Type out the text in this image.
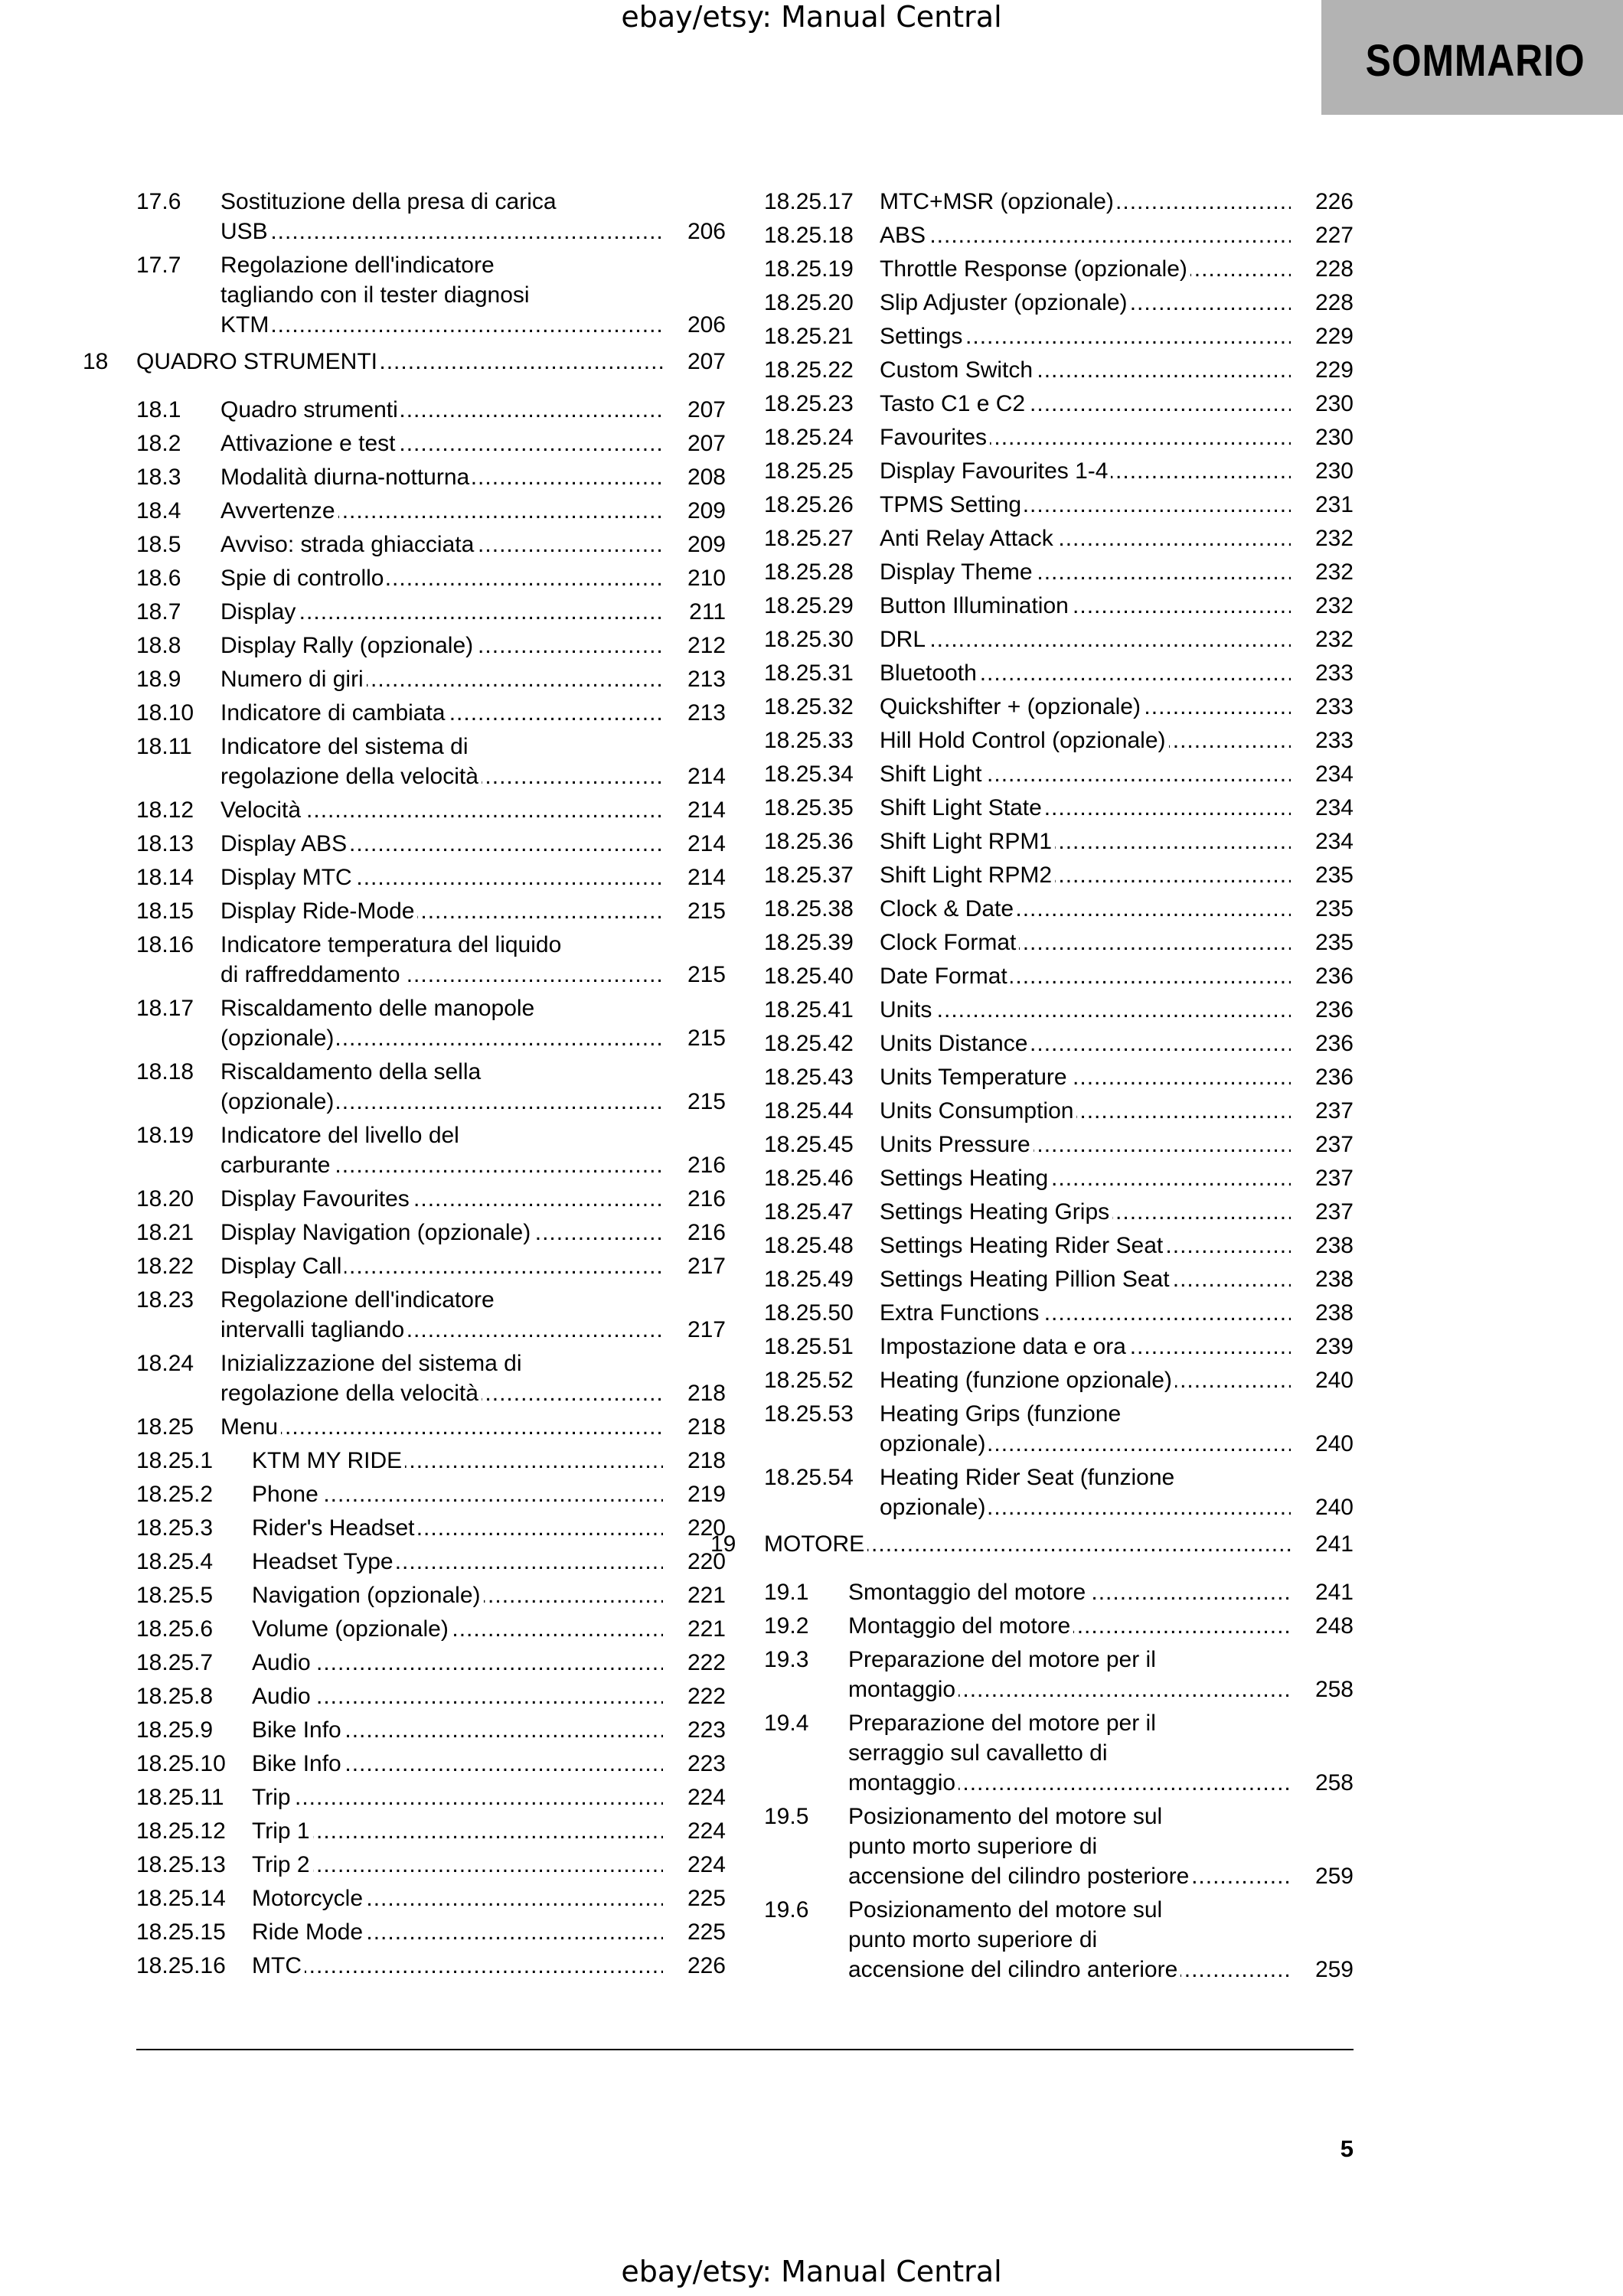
ebay/etsy: Manual Central
SOMMARIO
17.6 Sostituzione della presa di carica
USB .....	206
17.7 Regolazione dell'indicatore
tagliando con il tester diagnosi
KTM .....	206
18 QUADRO STRUMENTI .....	207
18.1 Quadro strumenti .....	207
18.2 Attivazione e test .....	207
18.3 Modalità diurna-notturna .....	208
18.4 Avvertenze .....	209
18.5 Avviso: strada ghiacciata .....	209
18.6 Spie di controllo .....	210
18.7 Display .....	211
18.8 Display Rally (opzionale) .....	212
18.9 Numero di giri .....	213
18.10 Indicatore di cambiata .....	213
18.11 Indicatore del sistema di
regolazione della velocità .....	214
18.12 Velocità .....	214
18.13 Display ABS .....	214
18.14 Display MTC .....	214
18.15 Display Ride-Mode .....	215
18.16 Indicatore temperatura del liquido
di raffreddamento .....	215
18.17 Riscaldamento delle manopole
(opzionale) .....	215
18.18 Riscaldamento della sella
(opzionale) .....	215
18.19 Indicatore del livello del
carburante .....	216
18.20 Display Favourites .....	216
18.21 Display Navigation (opzionale) .....	216
18.22 Display Call .....	217
18.23 Regolazione dell'indicatore
intervalli tagliando .....	217
18.24 Inizializzazione del sistema di
regolazione della velocità .....	218
18.25 Menu .....	218
18.25.1 KTM MY RIDE .....	218
18.25.2 Phone .....	219
18.25.3 Rider's Headset .....	220
18.25.4 Headset Type .....	220
18.25.5 Navigation (opzionale) .....	221
18.25.6 Volume (opzionale) .....	221
18.25.7 Audio .....	222
18.25.8 Audio .....	222
18.25.9 Bike Info .....	223
18.25.10 Bike Info .....	223
18.25.11 Trip .....	224
18.25.12 Trip 1 .....	224
18.25.13 Trip 2 .....	224
18.25.14 Motorcycle .....	225
18.25.15 Ride Mode .....	225
18.25.16 MTC .....	226
18.25.17 MTC+MSR (opzionale) .....	226
18.25.18 ABS .....	227
18.25.19 Throttle Response (opzionale) .....	228
18.25.20 Slip Adjuster (opzionale) .....	228
18.25.21 Settings .....	229
18.25.22 Custom Switch .....	229
18.25.23 Tasto C1 e C2 .....	230
18.25.24 Favourites .....	230
18.25.25 Display Favourites 1-4 .....	230
18.25.26 TPMS Setting .....	231
18.25.27 Anti Relay Attack .....	232
18.25.28 Display Theme .....	232
18.25.29 Button Illumination .....	232
18.25.30 DRL .....	232
18.25.31 Bluetooth .....	233
18.25.32 Quickshifter + (opzionale) .....	233
18.25.33 Hill Hold Control (opzionale) .....	233
18.25.34 Shift Light .....	234
18.25.35 Shift Light State .....	234
18.25.36 Shift Light RPM1 .....	234
18.25.37 Shift Light RPM2 .....	235
18.25.38 Clock & Date .....	235
18.25.39 Clock Format .....	235
18.25.40 Date Format .....	236
18.25.41 Units .....	236
18.25.42 Units Distance .....	236
18.25.43 Units Temperature .....	236
18.25.44 Units Consumption .....	237
18.25.45 Units Pressure .....	237
18.25.46 Settings Heating .....	237
18.25.47 Settings Heating Grips .....	237
18.25.48 Settings Heating Rider Seat .....	238
18.25.49 Settings Heating Pillion Seat .....	238
18.25.50 Extra Functions .....	238
18.25.51 Impostazione data e ora .....	239
18.25.52 Heating (funzione opzionale) .....	240
18.25.53 Heating Grips (funzione
opzionale) .....	240
18.25.54 Heating Rider Seat (funzione
opzionale) .....	240
19 MOTORE .....	241
19.1 Smontaggio del motore .....	241
19.2 Montaggio del motore .....	248
19.3 Preparazione del motore per il
montaggio .....	258
19.4 Preparazione del motore per il
serraggio sul cavalletto di
montaggio .....	258
19.5 Posizionamento del motore sul
punto morto superiore di
accensione del cilindro posteriore .....	259
19.6 Posizionamento del motore sul
punto morto superiore di
accensione del cilindro anteriore .....	259
5
ebay/etsy: Manual Central
